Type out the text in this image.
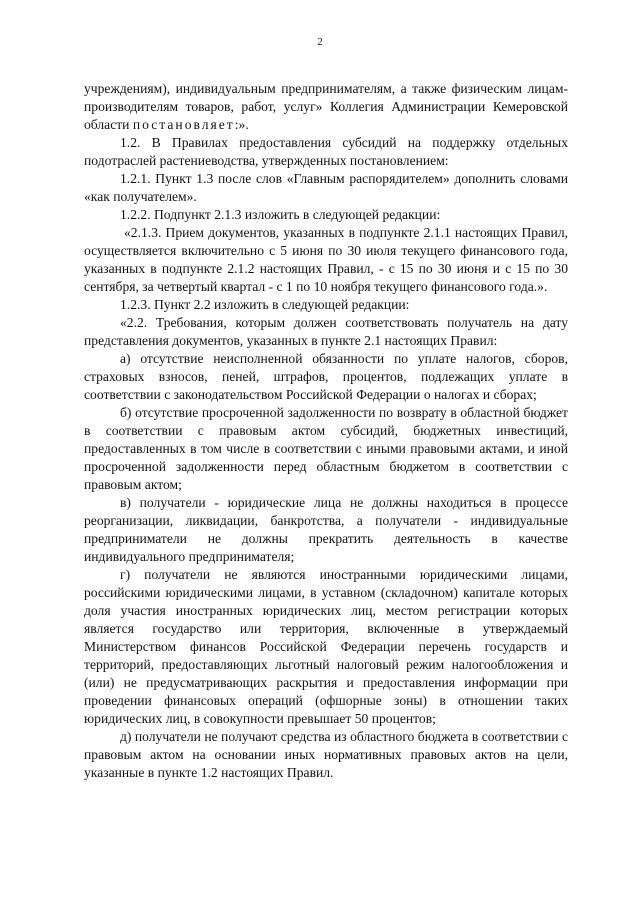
2

учреждениям), индивидуальным предпринимателям, а также физическим лицам-производителям товаров, работ, услуг» Коллегия Администрации Кемеровской области постановляет:».

1.2. В Правилах предоставления субсидий на поддержку отдельных подотраслей растениеводства, утвержденных постановлением:

1.2.1. Пункт 1.3 после слов «Главным распорядителем» дополнить словами «как получателем».

1.2.2. Подпункт 2.1.3 изложить в следующей редакции:

«2.1.3. Прием документов, указанных в подпункте 2.1.1 настоящих Правил, осуществляется включительно с 5 июня по 30 июля текущего финансового года, указанных в подпункте 2.1.2 настоящих Правил, - с 15 по 30 июня и с 15 по 30 сентября, за четвертый квартал - с 1 по 10 ноября текущего финансового года.».

1.2.3. Пункт 2.2 изложить в следующей редакции:

«2.2. Требования, которым должен соответствовать получатель на дату представления документов, указанных в пункте 2.1 настоящих Правил:

а) отсутствие неисполненной обязанности по уплате налогов, сборов, страховых взносов, пеней, штрафов, процентов, подлежащих уплате в соответствии с законодательством Российской Федерации о налогах и сборах;

б) отсутствие просроченной задолженности по возврату в областной бюджет в соответствии с правовым актом субсидий, бюджетных инвестиций, предоставленных в том числе в соответствии с иными правовыми актами, и иной просроченной задолженности перед областным бюджетом в соответствии с правовым актом;

в) получатели - юридические лица не должны находиться в процессе реорганизации, ликвидации, банкротства, а получатели - индивидуальные предприниматели не должны прекратить деятельность в качестве индивидуального предпринимателя;

г) получатели не являются иностранными юридическими лицами, российскими юридическими лицами, в уставном (складочном) капитале которых доля участия иностранных юридических лиц, местом регистрации которых является государство или территория, включенные в утверждаемый Министерством финансов Российской Федерации перечень государств и территорий, предоставляющих льготный налоговый режим налогообложения и (или) не предусматривающих раскрытия и предоставления информации при проведении финансовых операций (офшорные зоны) в отношении таких юридических лиц, в совокупности превышает 50 процентов;

д) получатели не получают средства из областного бюджета в соответствии с правовым актом на основании иных нормативных правовых актов на цели, указанные в пункте 1.2 настоящих Правил.
